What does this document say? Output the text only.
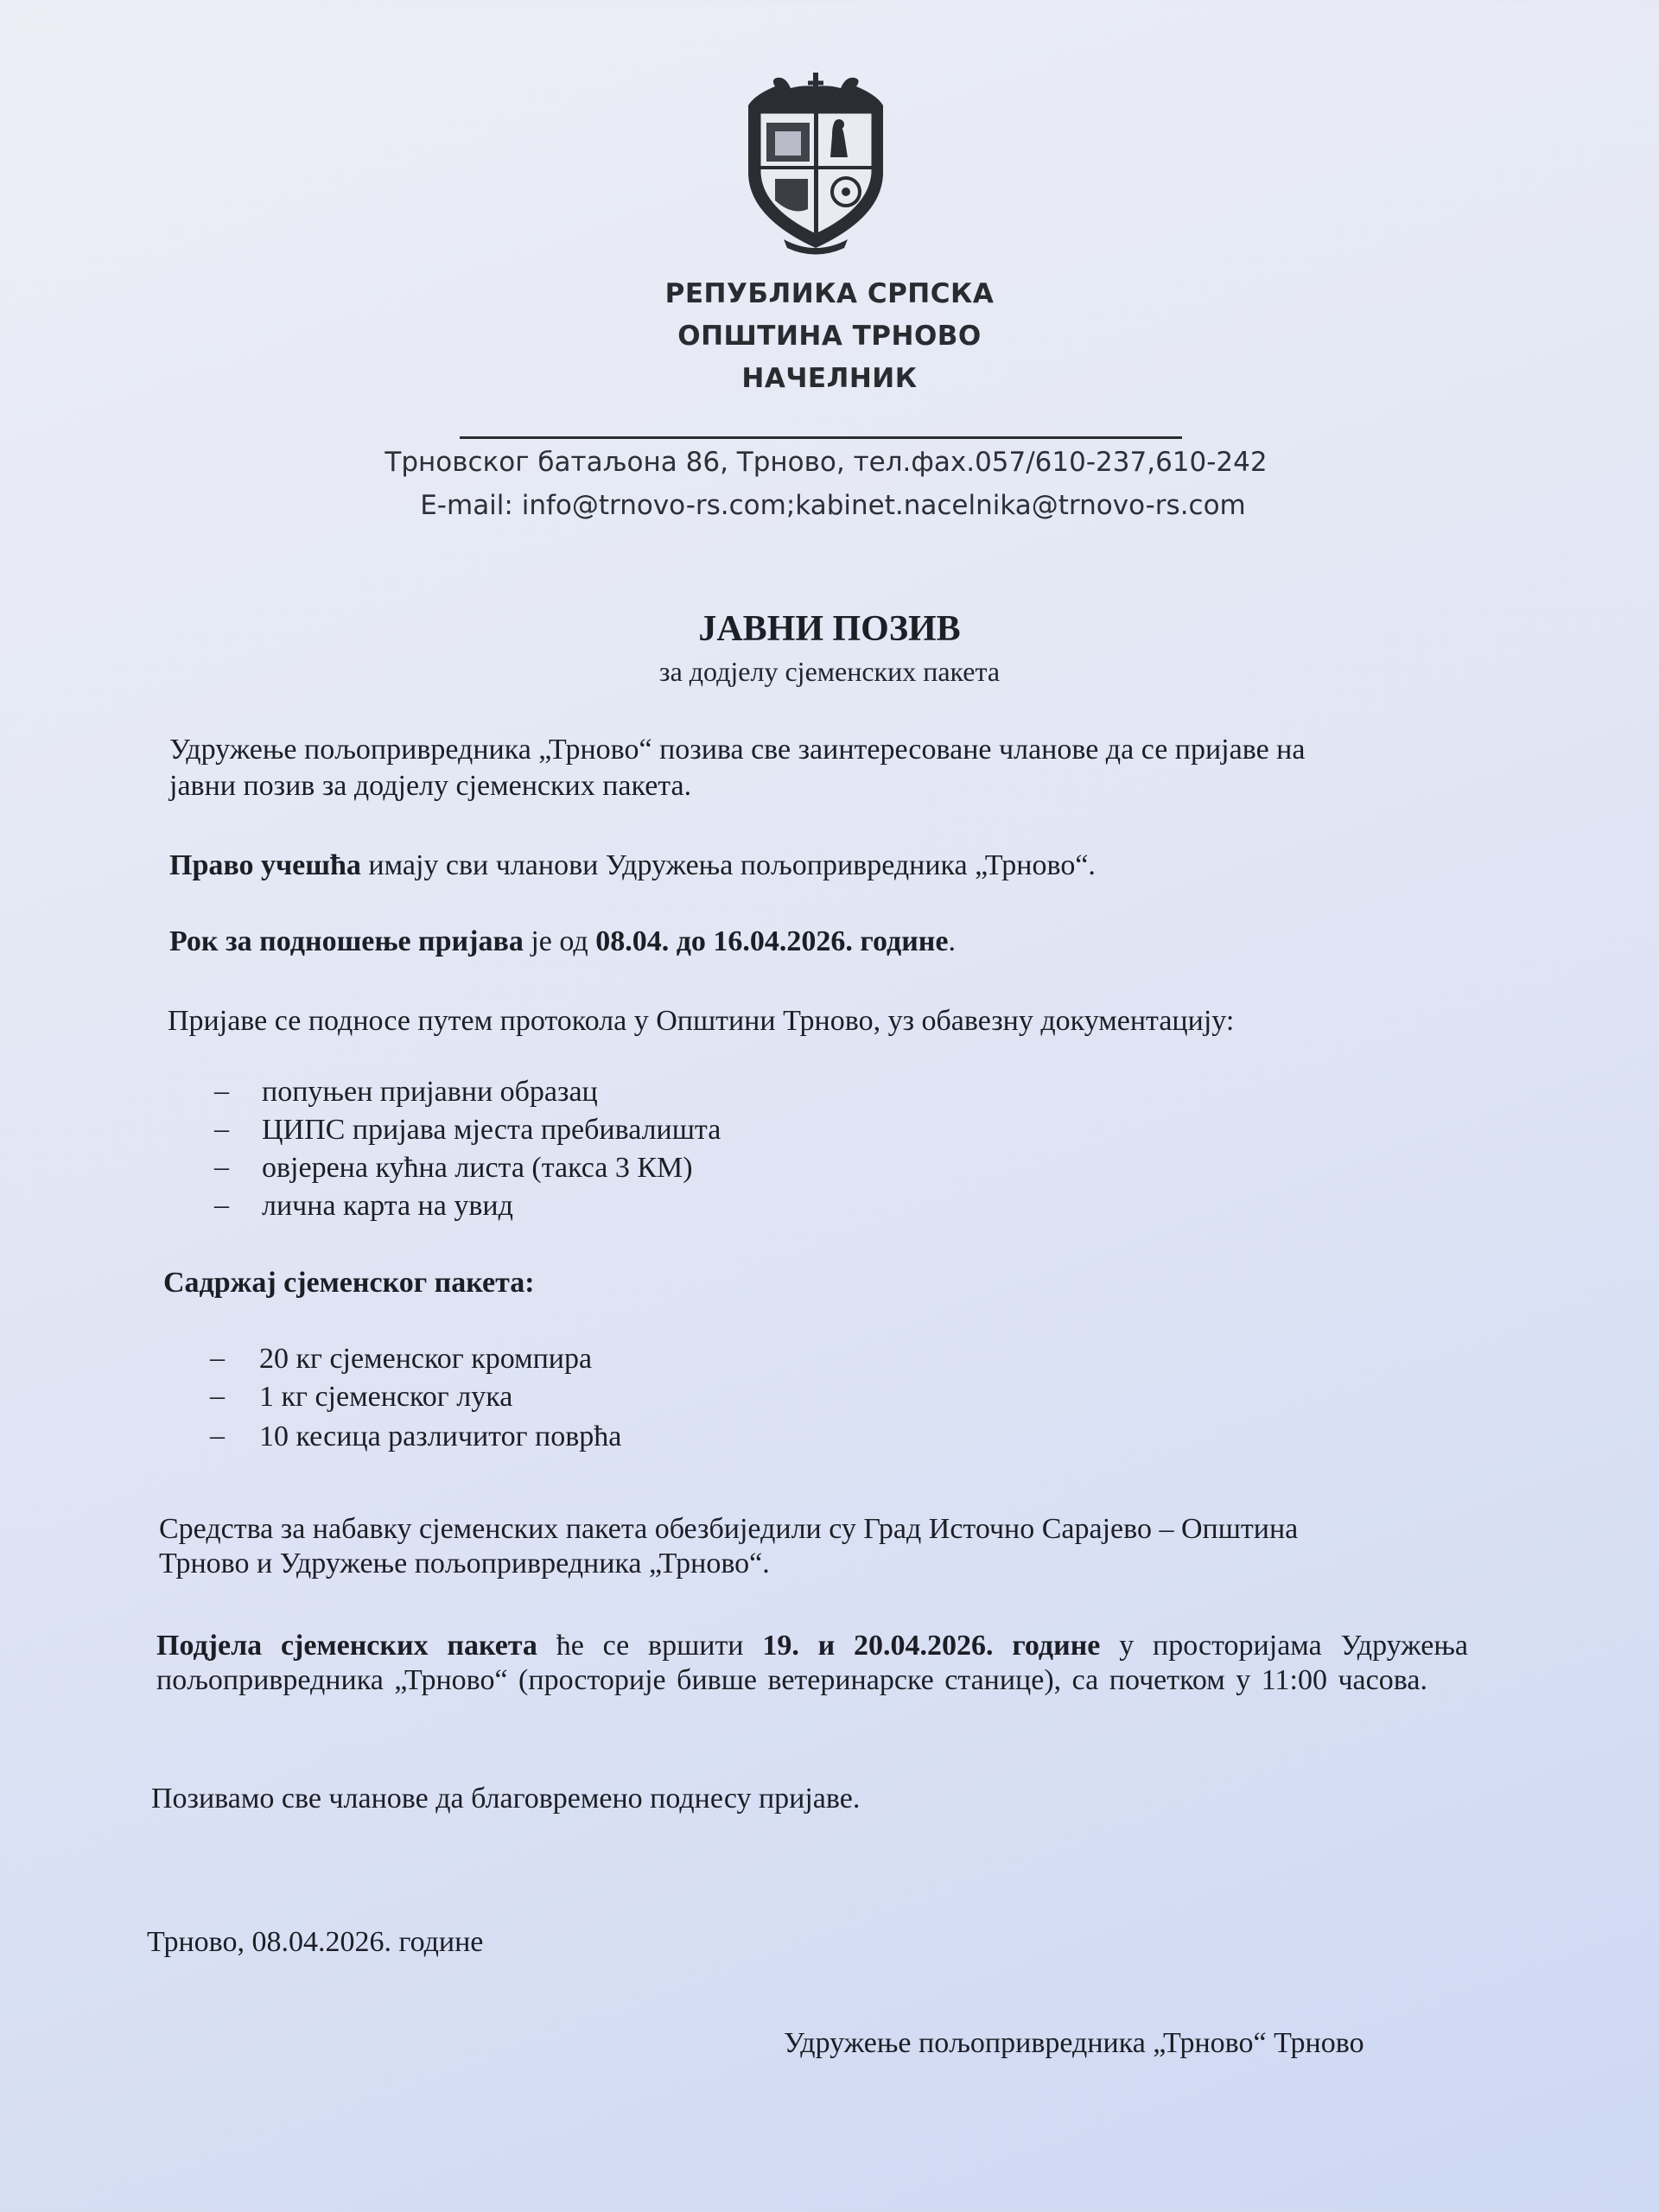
РЕПУБЛИКА СРПСКА
ОПШТИНА ТРНОВО
НАЧЕЛНИК
Трновског батаљона 86, Трново, тел.фах.057/610-237,610-242
E-mail: info@trnovo-rs.com;kabinet.nacelnika@trnovo-rs.com
ЈАВНИ ПОЗИВ
за додјелу сјеменских пакета
Удружење пољопривредника „Трново“ позива све заинтересоване чланове да се пријаве на
јавни позив за додјелу сјеменских пакета.
Право учешћа имају сви чланови Удружења пољопривредника „Трново“.
Рок за подношење пријава је од 08.04. до 16.04.2026. године.
Пријаве се подносе путем протокола у Општини Трново, уз обавезну документацију:
– попуњен пријавни образац
– ЦИПС пријава мјеста пребивалишта
– овјерена кућна листа (такса 3 КМ)
– лична карта на увид
Садржај сјеменског пакета:
– 20 кг сјеменског кромпира
– 1 кг сјеменског лука
– 10 кесица различитог поврћа
Средства за набавку сјеменских пакета обезбиједили су Град Источно Сарајево – Општина
Трново и Удружење пољопривредника „Трново“.
Подјела сјеменских пакета ће се вршити 19. и 20.04.2026. године у просторијама Удружења пољопривредника „Трново“ (просторије бивше ветеринарске станице), са почетком у 11:00 часова.
Позивамо све чланове да благовремено поднесу пријаве.
Трново, 08.04.2026. године
Удружење пољопривредника „Трново“ Трново
